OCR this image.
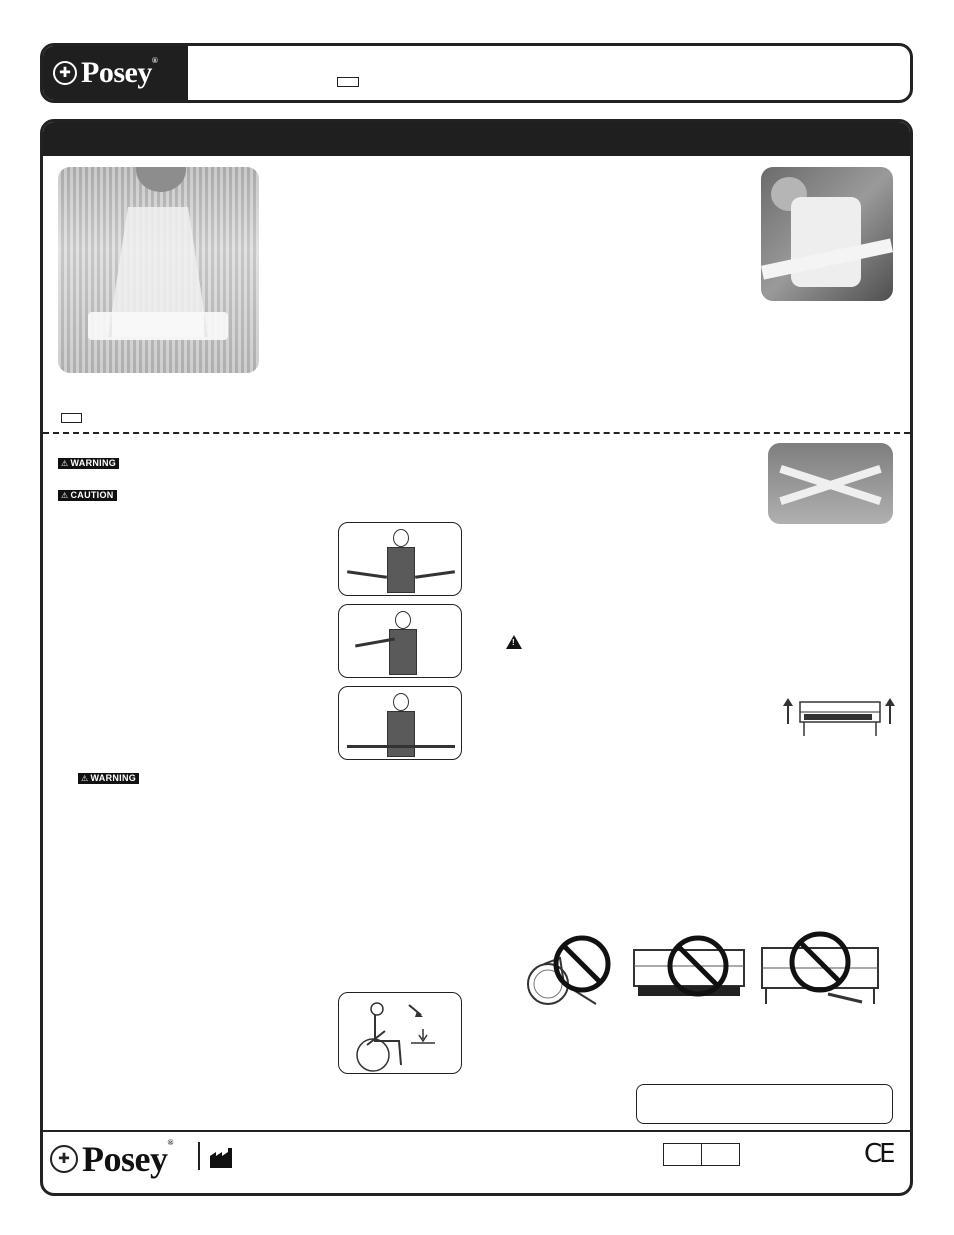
✚ Posey®
⚠ WARNING
⚠ CAUTION
⚠ WARNING
!
✚ Posey®	CE
